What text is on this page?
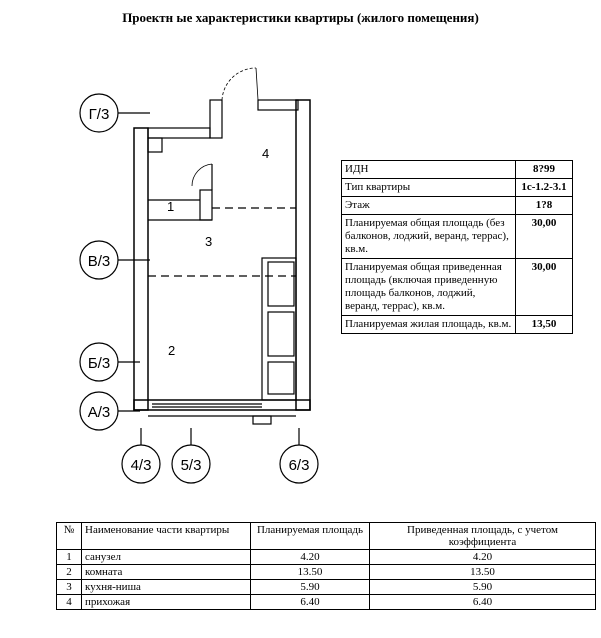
Проектн ые характеристики квартиры (жилого помещения)
Г/3
В/3
Б/3
А/3
4/3 5/3	6/3
1
2
3
4
ИДН	8?99
Тип квартиры	1с-1.2-3.1
Этаж	1?8
Планируемая общая площадь (без балконов, лоджий, веранд, террас), кв.м.	30,00
Планируемая общая приведенная площадь (включая приведенную площадь балконов, лоджий, веранд, террас), кв.м.	30,00
Планируемая жилая площадь, кв.м.	13,50
№	Наименование части квартиры	Планируемая площадь	Приведенная площадь, с учетом коэффициента
1	санузел	4.20	4.20
2	комната	13.50	13.50
3	кухня-ниша	5.90	5.90
4	прихожая	6.40	6.40
